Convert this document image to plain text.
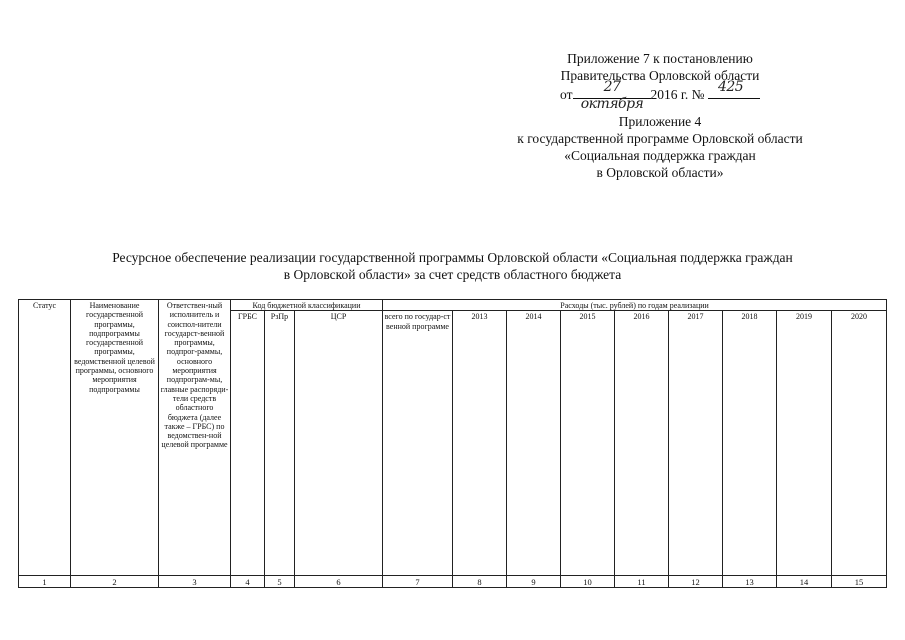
Приложение 7 к постановлению
Правительства Орловской области
от	27 октября
2016 г. № 425
Приложение 4
к государственной программе Орловской области
«Социальная поддержка граждан
в Орловской области»
Ресурсное обеспечение реализации государственной программы Орловской области «Социальная поддержка граждан
в Орловской области» за счет средств областного бюджета
Статус	Наименование государственной программы, подпрограммы государственной программы, ведомственной целевой программы, основного мероприятия подпрограммы	Ответствен-ный исполнитель и соиспол-нители государст-венной программы, подпрог-раммы, основного мероприятия подпрограм-мы, главные распоряди-тели средств областного бюджета (далее также – ГРБС) по ведомствен-ной целевой программе	Код бюджетной классификации			Расходы (тыс. рублей) по годам реализации								
			ГРБС	РзПр	ЦСР	всего по государ-ственной программе	2013	2014	2015	2016	2017	2018	2019	2020
1	2	3	4	5	6	7	8	9	10	11	12	13	14	15
